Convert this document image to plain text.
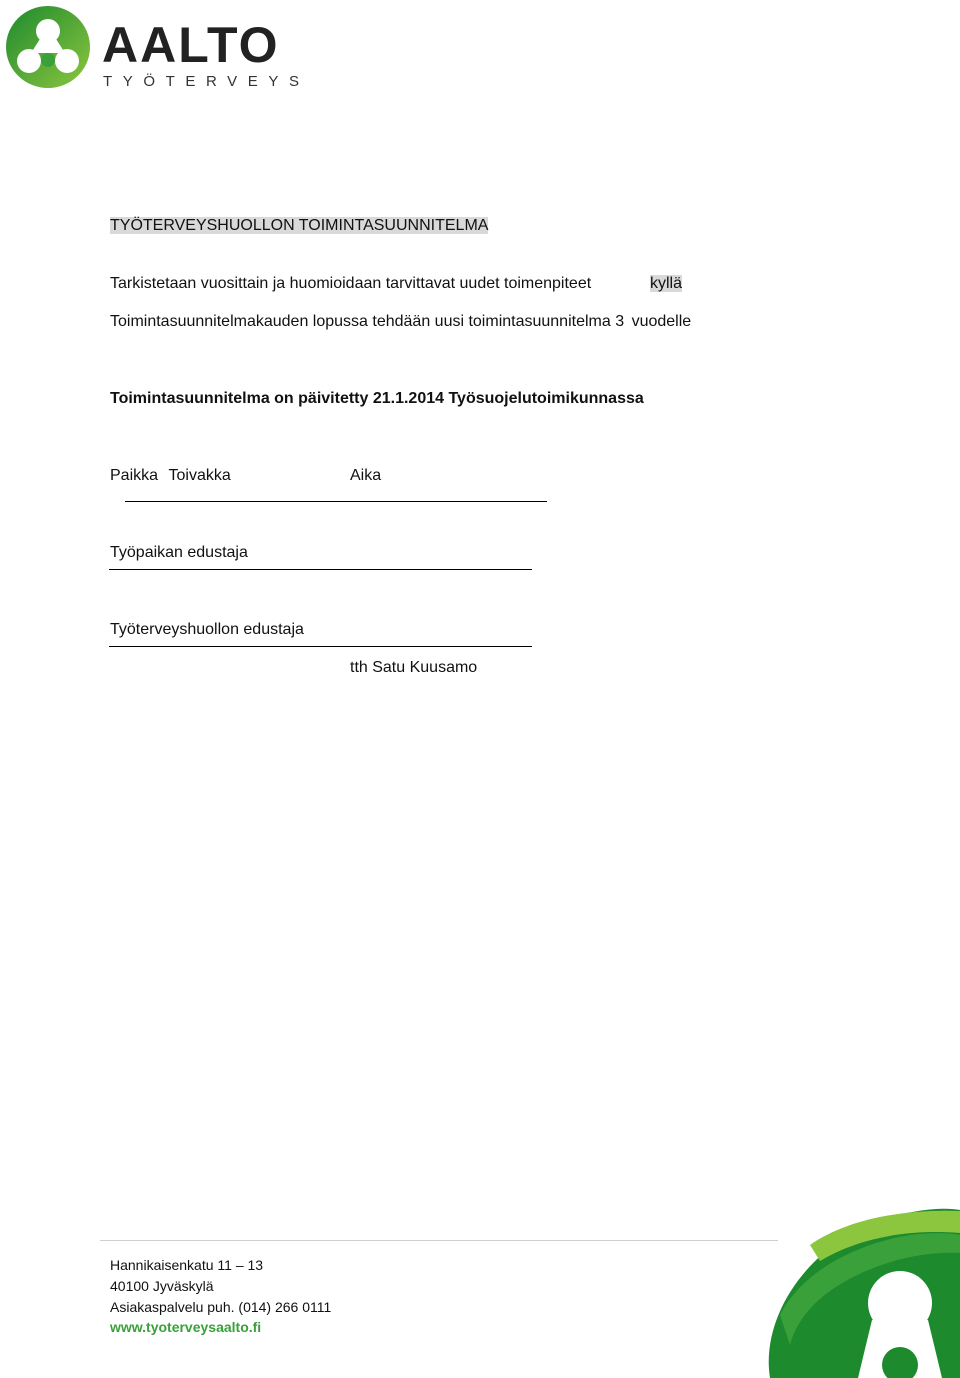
AALTO
TYÖTERVEYS
TYÖTERVEYSHUOLLON TOIMINTASUUNNITELMA
Tarkistetaan vuosittain ja huomioidaan tarvittavat uudet toimenpiteet	kyllä
Toimintasuunnitelmakauden lopussa tehdään uusi toimintasuunnitelma 3 vuodelle
Toimintasuunnitelma on päivitetty 21.1.2014 Työsuojelutoimikunnassa
Paikka Toivakka	Aika
Työpaikan edustaja
Työterveyshuollon edustaja
tth Satu Kuusamo
Hannikaisenkatu 11 – 13
40100 Jyväskylä
Asiakaspalvelu puh. (014) 266 0111
www.tyoterveysaalto.fi
